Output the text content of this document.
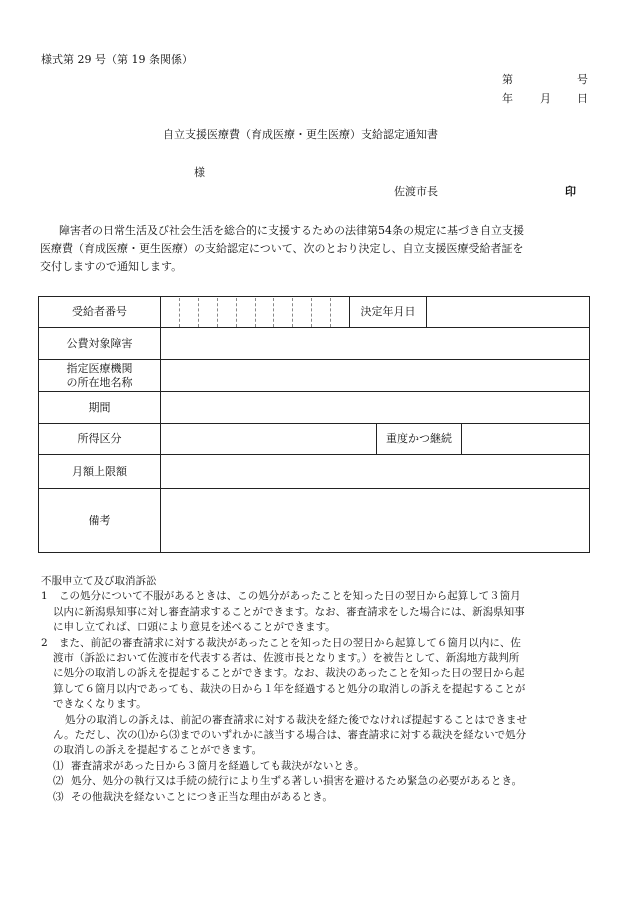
様式第 29 号（第 19 条関係）
第	号
年 月 日
自立支援医療費（育成医療・更生医療）支給認定通知書
様
佐渡市長	印
障害者の日常生活及び社会生活を総合的に支援するための法律第54条の規定に基づき自立支援
医療費（育成医療・更生医療）の支給認定について、次のとおり決定し、自立支援医療受給者証を
交付しますので通知します。
受給者番号		決定年月日			
公費対象障害					

指定医療機関
の所在地名称					

期間					
所得区分			重度かつ継続		
月額上限額					
備考					
不服申立て及び取消訴訟
1 この処分について不服があるときは、この処分があったことを知った日の翌日から起算して３箇月
以内に新潟県知事に対し審査請求することができます。なお、審査請求をした場合には、新潟県知事
に申し立てれば、口頭により意見を述べることができます。
2 また、前記の審査請求に対する裁決があったことを知った日の翌日から起算して６箇月以内に、佐
渡市（訴訟において佐渡市を代表する者は、佐渡市長となります。）を被告として、新潟地方裁判所
に処分の取消しの訴えを提起することができます。なお、裁決のあったことを知った日の翌日から起
算して６箇月以内であっても、裁決の日から１年を経過すると処分の取消しの訴えを提起することが
できなくなります。
処分の取消しの訴えは、前記の審査請求に対する裁決を経た後でなければ提起することはできませ
ん。ただし、次の⑴から⑶までのいずれかに該当する場合は、審査請求に対する裁決を経ないで処分
の取消しの訴えを提起することができます。
⑴ 審査請求があった日から３箇月を経過しても裁決がないとき。
⑵ 処分、処分の執行又は手続の続行により生ずる著しい損害を避けるため緊急の必要があるとき。
⑶ その他裁決を経ないことにつき正当な理由があるとき。
